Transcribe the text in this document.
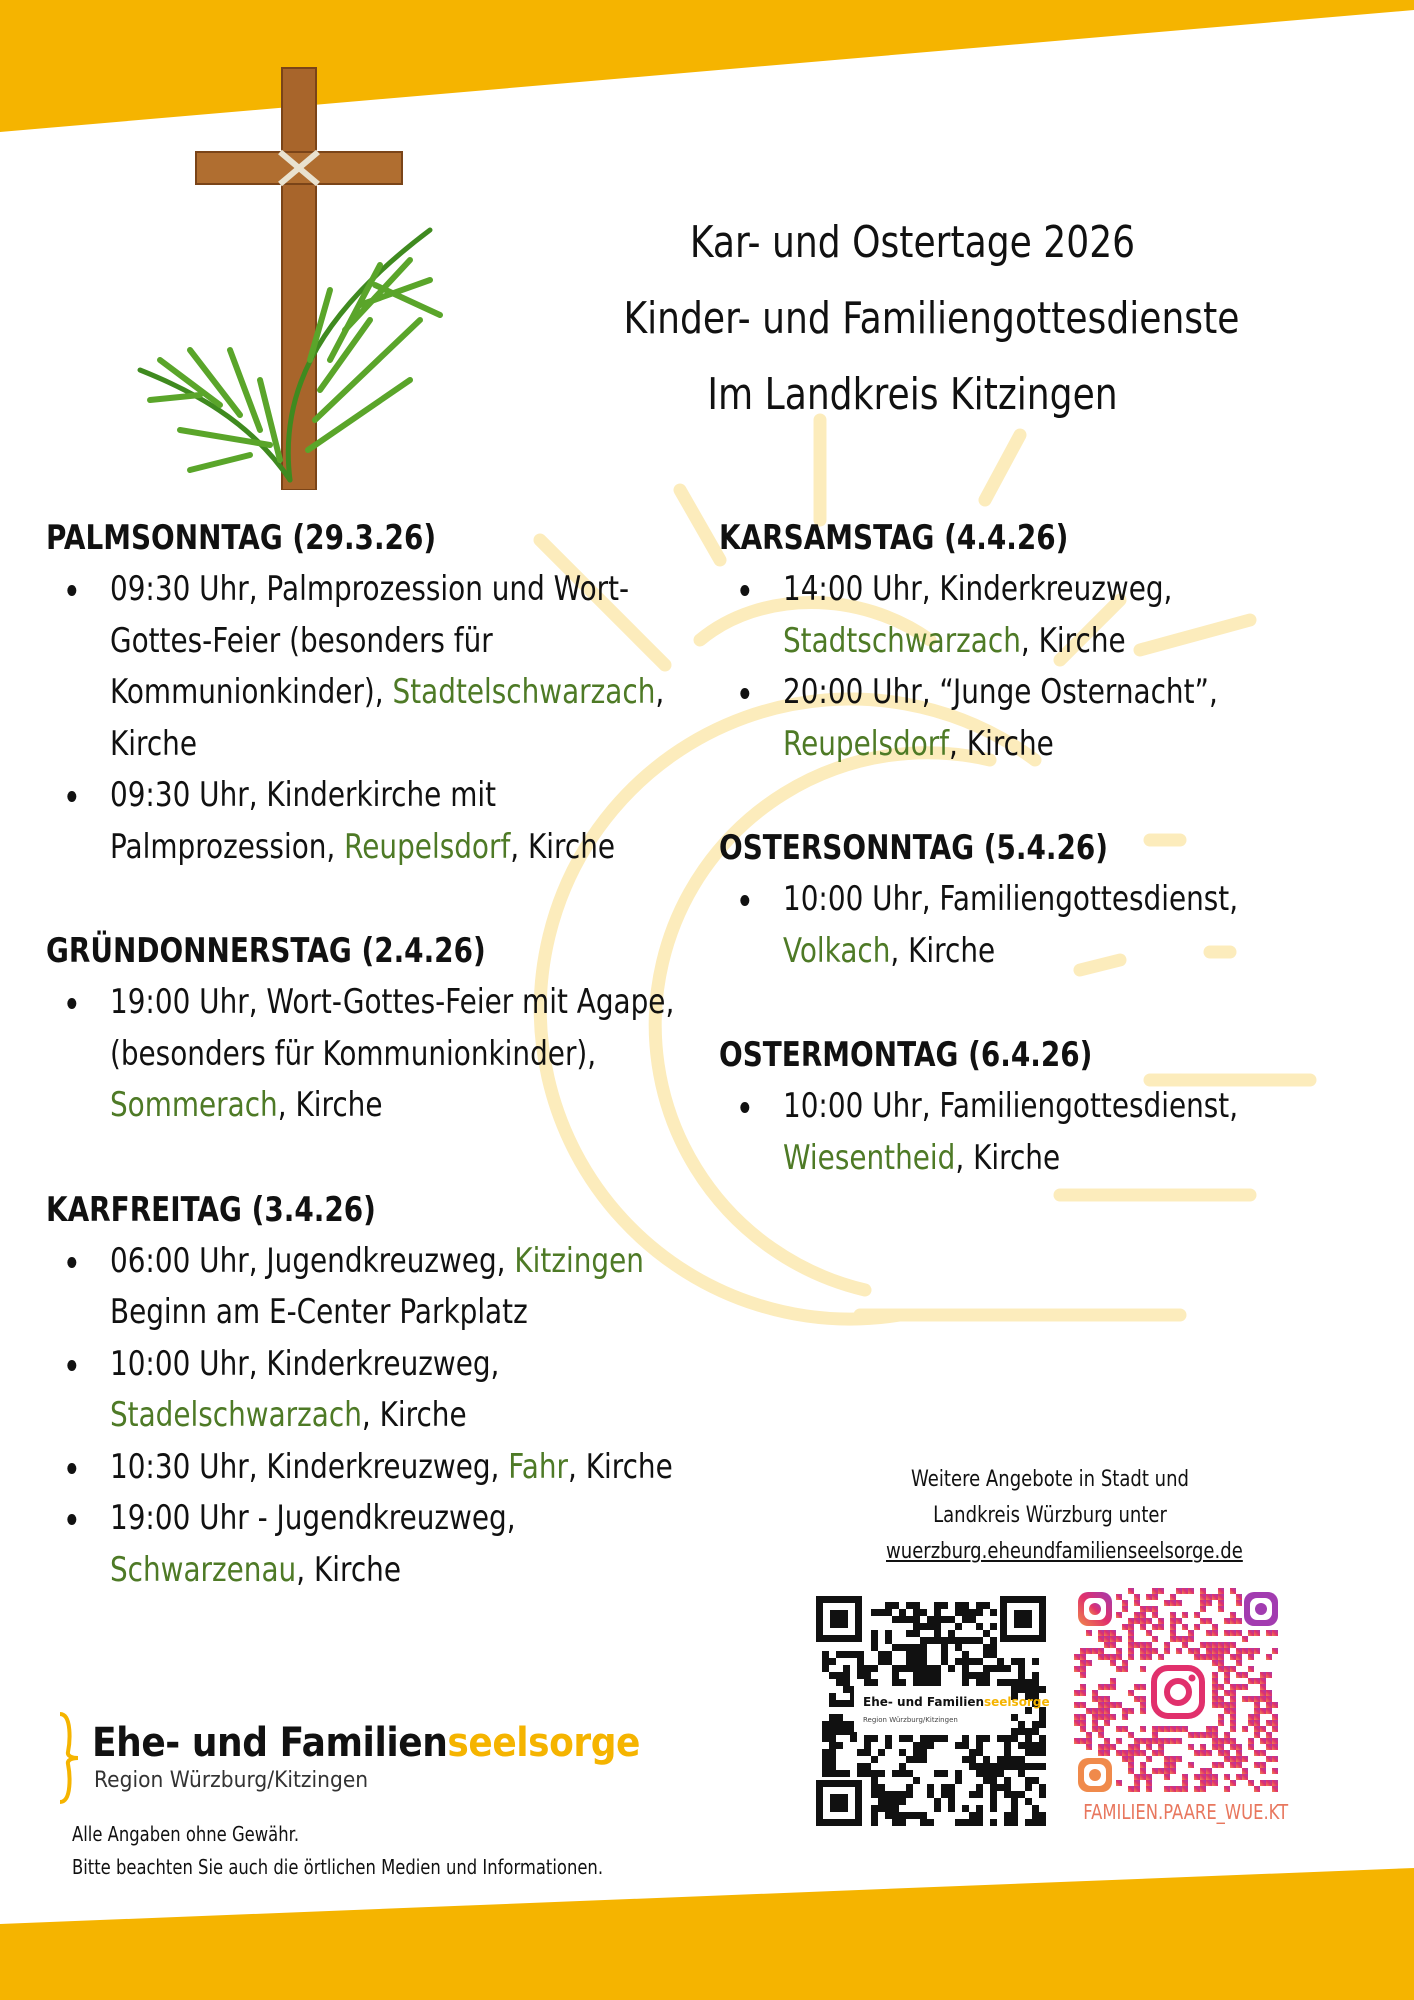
Kar- und Ostertage 2026
Kinder- und Familiengottesdienste
Im Landkreis Kitzingen
PALMSONNTAG (29.3.26)
09:30 Uhr, Palmprozession und Wort-Gottes-Feier (besonders für Kommunionkinder), Stadtelschwarzach, Kirche
09:30 Uhr, Kinderkirche mit Palmprozession, Reupelsdorf, Kirche
GRÜNDONNERSTAG (2.4.26)
19:00 Uhr, Wort-Gottes-Feier mit Agape, (besonders für Kommunionkinder), Sommerach, Kirche
KARFREITAG (3.4.26)
06:00 Uhr, Jugendkreuzweg, Kitzingen Beginn am E-Center Parkplatz
10:00 Uhr, Kinderkreuzweg, Stadelschwarzach, Kirche
10:30 Uhr, Kinderkreuzweg, Fahr, Kirche
19:00 Uhr - Jugendkreuzweg, Schwarzenau, Kirche
KARSAMSTAG (4.4.26)
14:00 Uhr, Kinderkreuzweg, Stadtschwarzach, Kirche
20:00 Uhr, “Junge Osternacht”, Reupelsdorf, Kirche
OSTERSONNTAG (5.4.26)
10:00 Uhr, Familiengottesdienst, Volkach, Kirche
OSTERMONTAG (6.4.26)
10:00 Uhr, Familiengottesdienst, Wiesentheid, Kirche
Weitere Angebote in Stadt und
Landkreis Würzburg unter
wuerzburg.eheundfamilienseelsorge.de
Ehe- und Familienseelsorge
Region Würzburg/Kitzingen
FAMILIEN.PAARE_WUE.KT
Ehe- und Familienseelsorge
Region Würzburg/Kitzingen
Alle Angaben ohne Gewähr.
Bitte beachten Sie auch die örtlichen Medien und Informationen.
